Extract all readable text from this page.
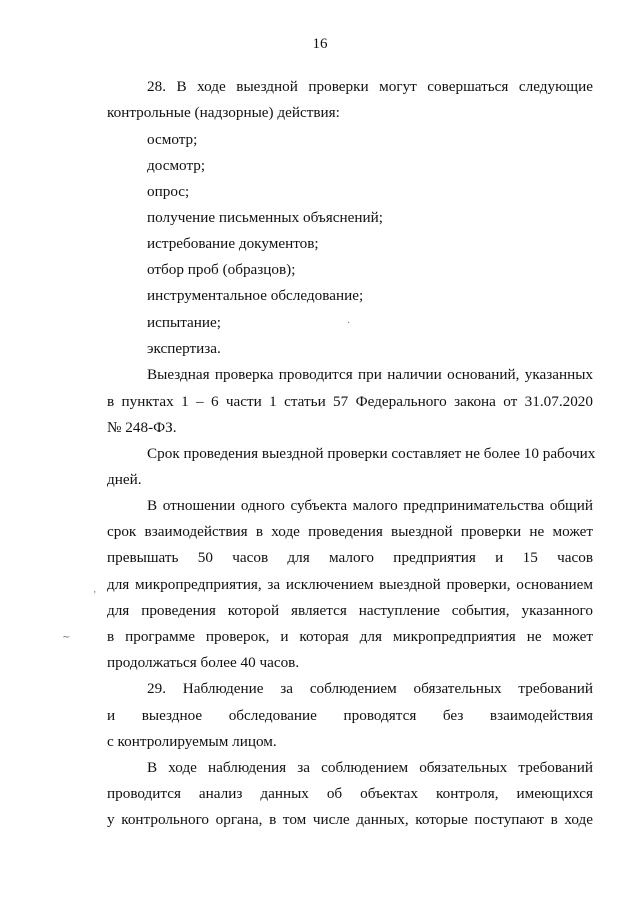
16
28. В ходе выездной проверки могут совершаться следующие
контрольные (надзорные) действия:
осмотр;
досмотр;
опрос;
получение письменных объяснений;
истребование документов;
отбор проб (образцов);
инструментальное обследование;
испытание;
экспертиза.
Выездная проверка проводится при наличии оснований, указанных
в пунктах 1 – 6 части 1 статьи 57 Федерального закона от 31.07.2020
№ 248-ФЗ.
Срок проведения выездной проверки составляет не более 10 рабочих
дней.
В отношении одного субъекта малого предпринимательства общий
срок взаимодействия в ходе проведения выездной проверки не может
превышать 50 часов для малого предприятия и 15 часов
для микропредприятия, за исключением выездной проверки, основанием
для проведения которой является наступление события, указанного
в программе проверок, и которая для микропредприятия не может
продолжаться более 40 часов.
29. Наблюдение за соблюдением обязательных требований
и выездное обследование проводятся без взаимодействия
с контролируемым лицом.
В ходе наблюдения за соблюдением обязательных требований
проводится анализ данных об объектах контроля, имеющихся
у контрольного органа, в том числе данных, которые поступают в ходе
’
∼
·
